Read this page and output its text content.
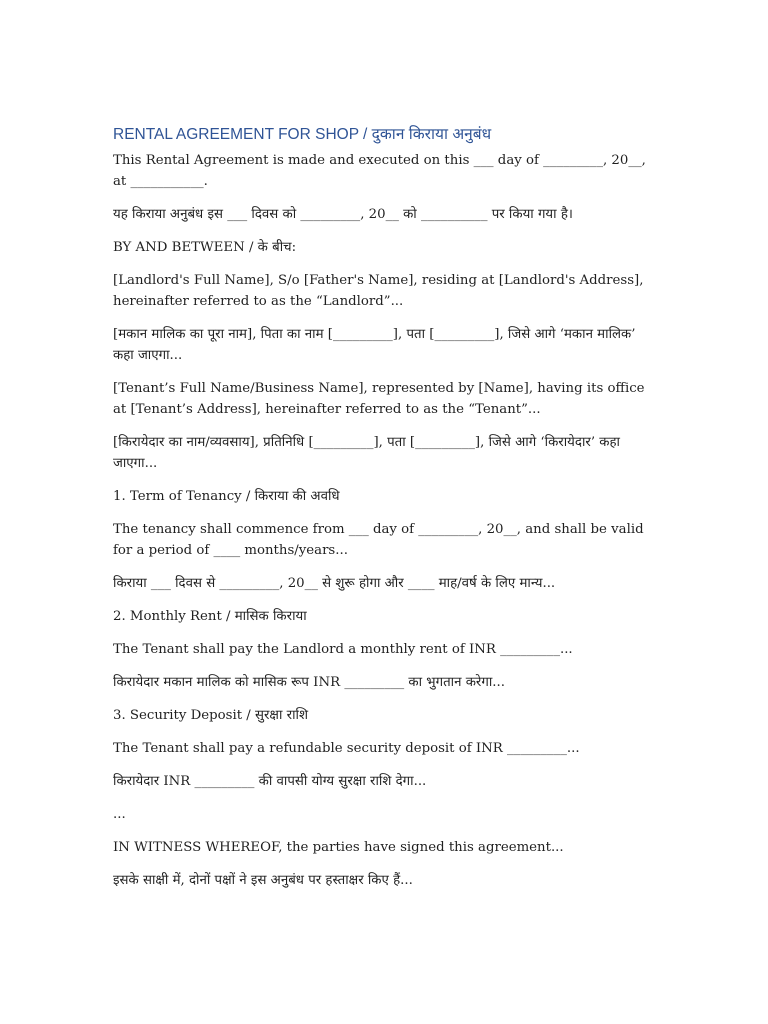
RENTAL AGREEMENT FOR SHOP / दुकान किराया अनुबंध

This Rental Agreement is made and executed on this ___ day of _________, 20__, at ___________.

यह किराया अनुबंध इस ___ दिवस को _________, 20__ को __________ पर किया गया है।

BY AND BETWEEN / के बीच:

[Landlord's Full Name], S/o [Father's Name], residing at [Landlord's Address], hereinafter referred to as the “Landlord”...

[मकान मालिक का पूरा नाम], पिता का नाम [_________], पता [_________], जिसे आगे ‘मकान मालिक’ कहा जाएगा...

[Tenant’s Full Name/Business Name], represented by [Name], having its office at [Tenant’s Address], hereinafter referred to as the “Tenant”...

[किरायेदार का नाम/व्यवसाय], प्रतिनिधि [_________], पता [_________], जिसे आगे ‘किरायेदार’ कहा जाएगा...

1. Term of Tenancy / किराया की अवधि

The tenancy shall commence from ___ day of _________, 20__, and shall be valid for a period of ____ months/years...

किराया ___ दिवस से _________, 20__ से शुरू होगा और ____ माह/वर्ष के लिए मान्य...

2. Monthly Rent / मासिक किराया

The Tenant shall pay the Landlord a monthly rent of INR _________...

किरायेदार मकान मालिक को मासिक रूप INR _________ का भुगतान करेगा...

3. Security Deposit / सुरक्षा राशि

The Tenant shall pay a refundable security deposit of INR _________...

किरायेदार INR _________ की वापसी योग्य सुरक्षा राशि देगा...

...

IN WITNESS WHEREOF, the parties have signed this agreement...

इसके साक्षी में, दोनों पक्षों ने इस अनुबंध पर हस्ताक्षर किए हैं...
